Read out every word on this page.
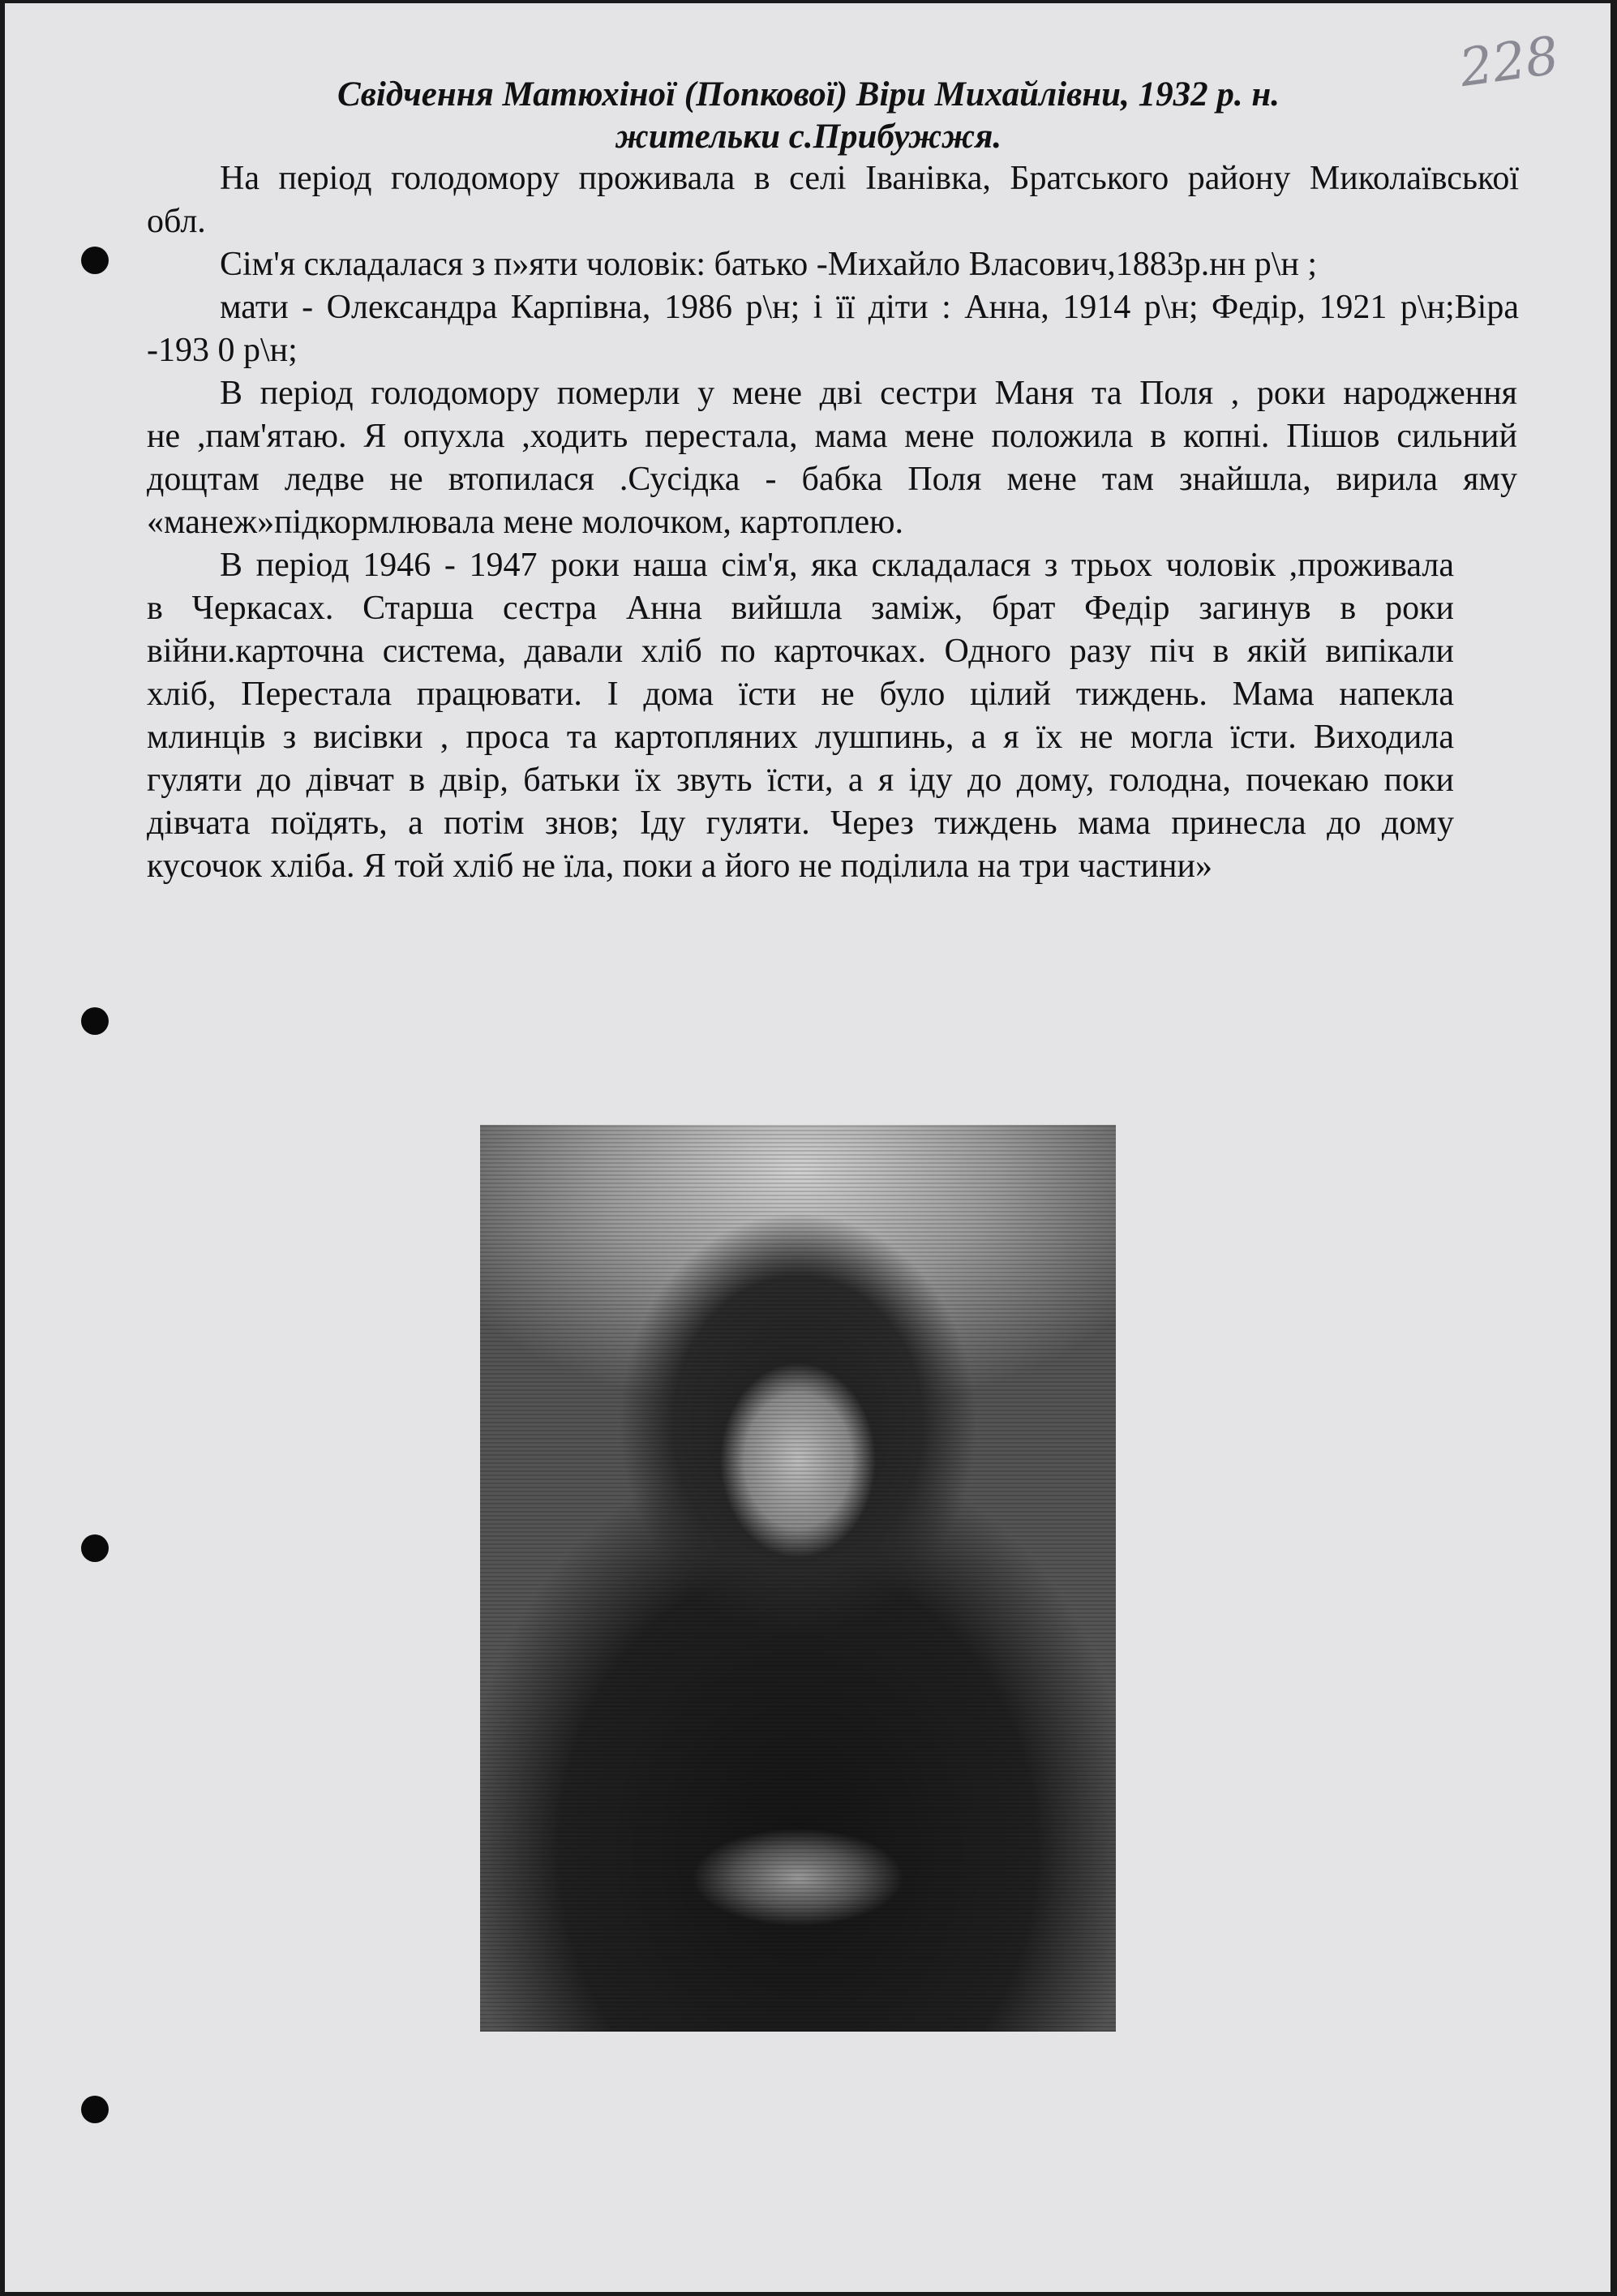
228
Свідчення Матюхіної (Попкової) Віри Михайлівни, 1932 р. н.
жительки с.Прибужжя.
На період голодомору проживала в селі Іванівка, Братського району Миколаївської
обл.
Сім'я складалася з п»яти чоловік: батько -Михайло Власович,1883р.нн р\н ;
мати - Олександра Карпівна, 1986 р\н; і її діти : Анна, 1914 р\н; Федір, 1921 р\н;Віра
-193 0 р\н;
В період голодомору померли у мене дві сестри Маня та Поля , роки народження
не ,пам'ятаю. Я опухла ,ходить перестала, мама мене положила в копні. Пішов сильний
дощтам ледве не втопилася .Сусідка - бабка Поля мене там знайшла, вирила яму
«манеж»підкормлювала мене молочком, картоплею.
В період 1946 - 1947 роки наша сім'я, яка складалася з трьох чоловік ,проживала
в Черкасах. Старша сестра Анна вийшла заміж, брат Федір загинув в роки
війни.карточна система, давали хліб по карточках. Одного разу піч в якій випікали
хліб, Перестала працювати. І дома їсти не було цілий тиждень. Мама напекла
млинців з висівки , проса та картопляних лушпинь, а я їх не могла їсти. Виходила
гуляти до дівчат в двір, батьки їх звуть їсти, а я іду до дому, голодна, почекаю поки
дівчата поїдять, а потім знов; Іду гуляти. Через тиждень мама принесла до дому
кусочок хліба. Я той хліб не їла, поки а його не поділила на три частини»
